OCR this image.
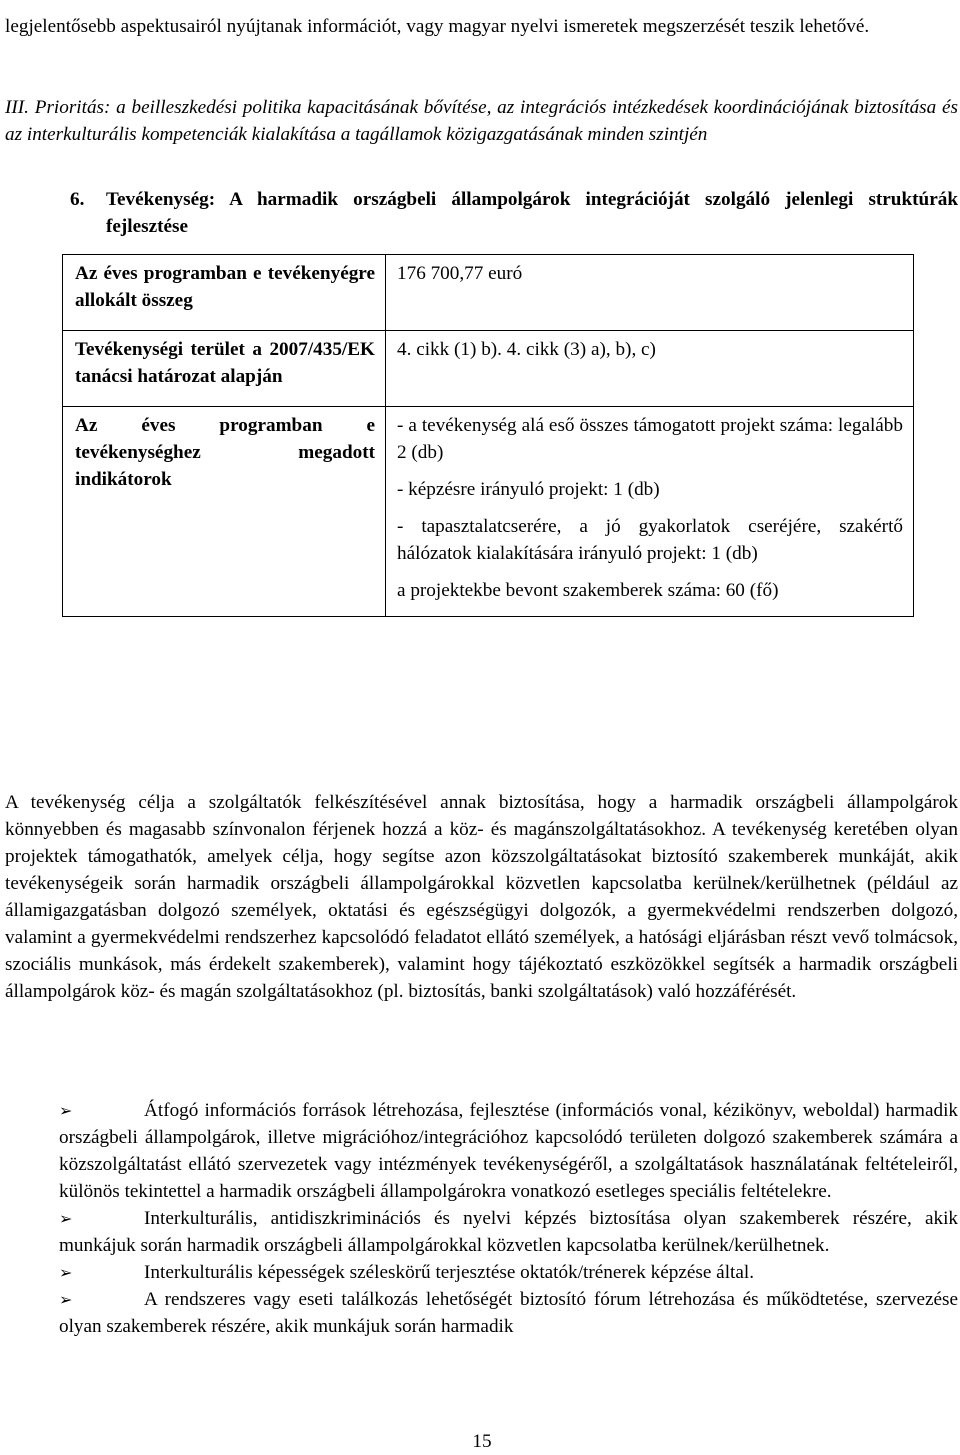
legjelentősebb aspektusairól nyújtanak információt, vagy magyar nyelvi ismeretek megszerzését teszik lehetővé.

III. Prioritás: a beilleszkedési politika kapacitásának bővítése, az integrációs intézkedések koordinációjának biztosítása és az interkulturális kompetenciák kialakítása a tagállamok közigazgatásának minden szintjén

6.	Tevékenység: A harmadik országbeli állampolgárok integrációját szolgáló jelenlegi struktúrák fejlesztése
Az éves programban e tevékenyégre allokált összeg	176 700,77 euró

Tevékenységi terület a 2007/435/EK tanácsi határozat alapján	4. cikk (1) b). 4. cikk (3) a), b), c)

Az éves programban e tevékenységhez megadott indikátorok	- a tevékenység alá eső összes támogatott projekt száma: legalább 2 (db)

- képzésre irányuló projekt: 1 (db)

- tapasztalatcserére, a jó gyakorlatok cseréjére, szakértő hálózatok kialakítására irányuló projekt: 1 (db)

a projektekbe bevont szakemberek száma: 60 (fő)

A tevékenység célja a szolgáltatók felkészítésével annak biztosítása, hogy a harmadik országbeli állampolgárok könnyebben és magasabb színvonalon férjenek hozzá a köz- és magánszolgáltatásokhoz. A tevékenység keretében olyan projektek támogathatók, amelyek célja, hogy segítse azon közszolgáltatásokat biztosító szakemberek munkáját, akik tevékenységeik során harmadik országbeli állampolgárokkal közvetlen kapcsolatba kerülnek/kerülhetnek (például az államigazgatásban dolgozó személyek, oktatási és egészségügyi dolgozók, a gyermekvédelmi rendszerben dolgozó, valamint a gyermekvédelmi rendszerhez kapcsolódó feladatot ellátó személyek, a hatósági eljárásban részt vevő tolmácsok, szociális munkások, más érdekelt szakemberek), valamint hogy tájékoztató eszközökkel segítsék a harmadik országbeli állampolgárok köz- és magán szolgáltatásokhoz (pl. biztosítás, banki szolgáltatások) való hozzáférését.

➢	Átfogó információs források létrehozása, fejlesztése (információs vonal, kézikönyv, weboldal) harmadik országbeli állampolgárok, illetve migrációhoz/integrációhoz kapcsolódó területen dolgozó szakemberek számára a közszolgáltatást ellátó szervezetek vagy intézmények tevékenységéről, a szolgáltatások használatának feltételeiről, különös tekintettel a harmadik országbeli állampolgárokra vonatkozó esetleges speciális feltételekre.

➢	Interkulturális, antidiszkriminációs és nyelvi képzés biztosítása olyan szakemberek részére, akik munkájuk során harmadik országbeli állampolgárokkal közvetlen kapcsolatba kerülnek/kerülhetnek.

➢	Interkulturális képességek széleskörű terjesztése oktatók/trénerek képzése által.

➢	A rendszeres vagy eseti találkozás lehetőségét biztosító fórum létrehozása és működtetése, szervezése olyan szakemberek részére, akik munkájuk során harmadik

15
